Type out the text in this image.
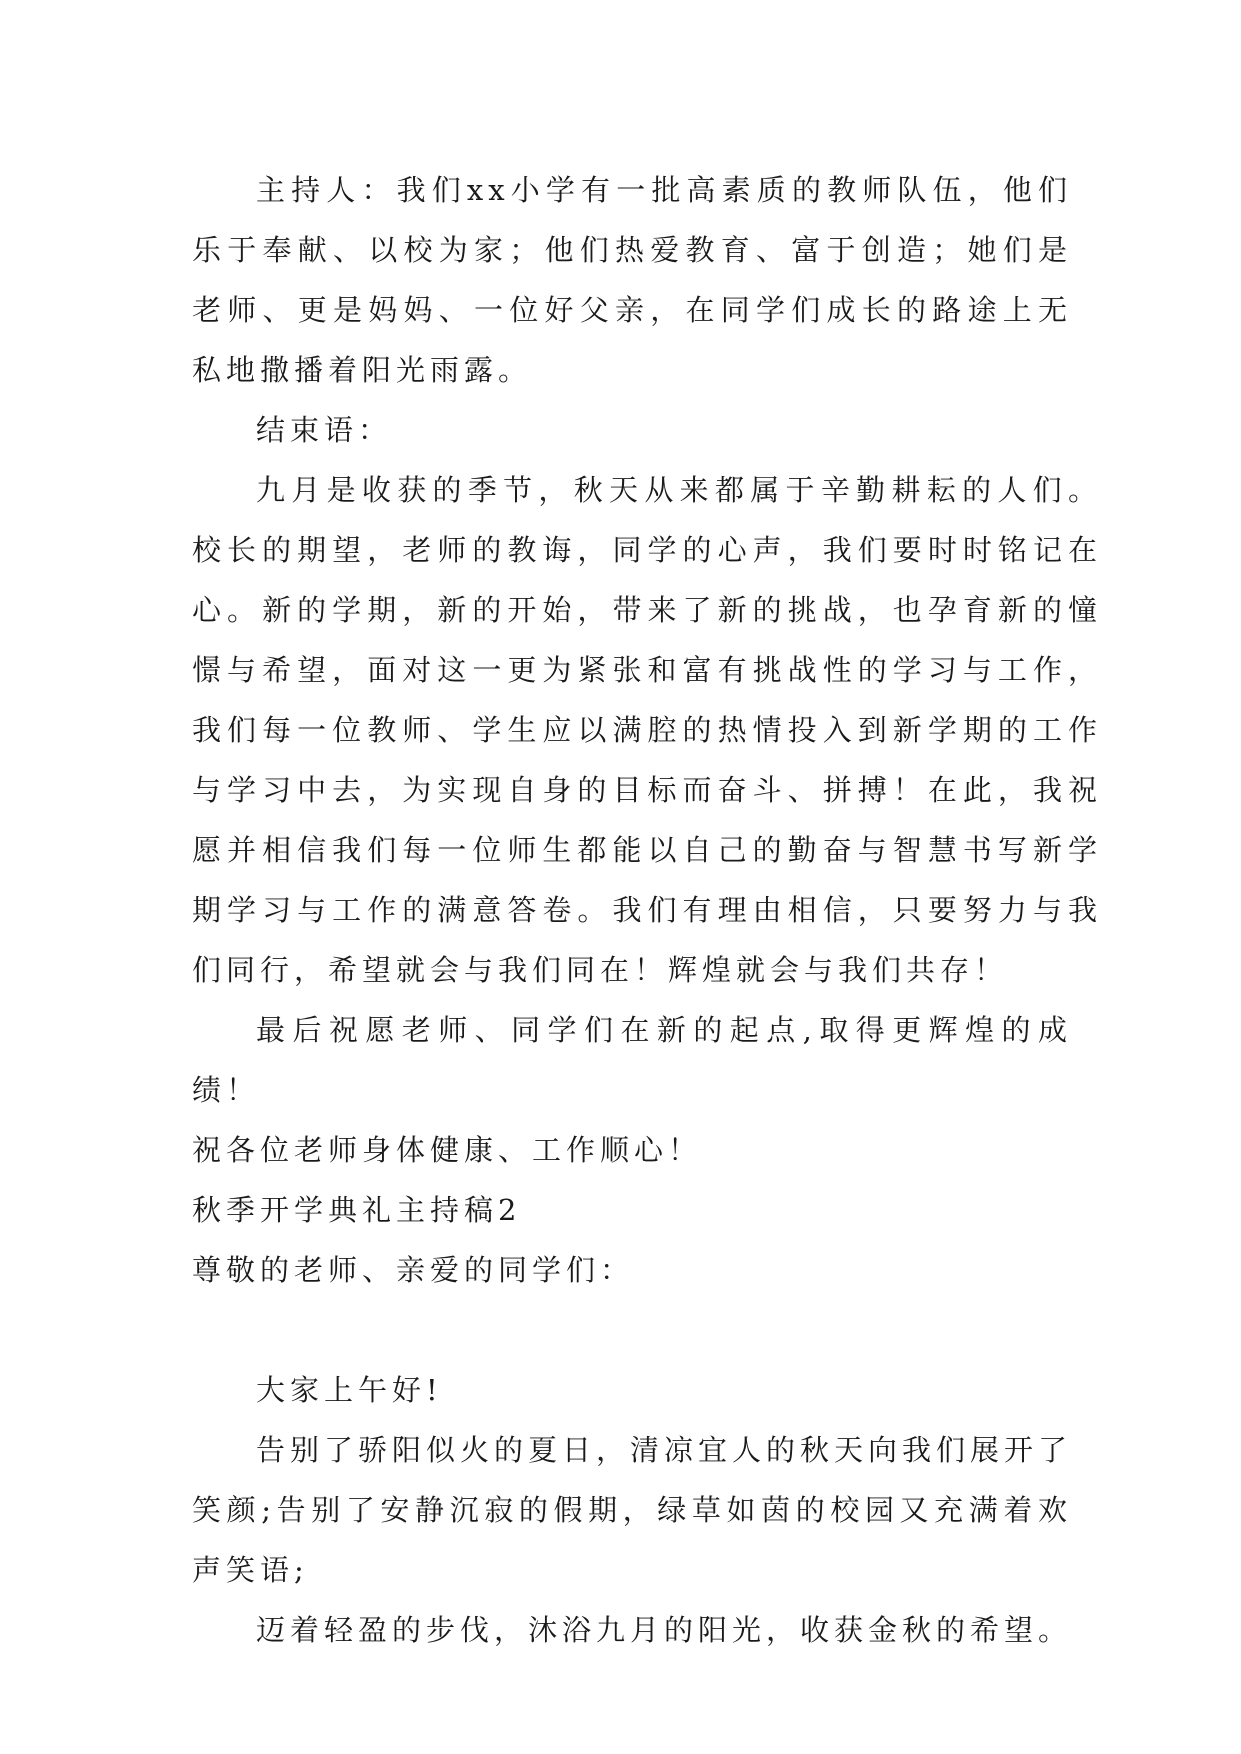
主持人：我们xx小学有一批高素质的教师队伍，他们乐于奉献、以校为家；他们热爱教育、富于创造；她们是老师、更是妈妈、一位好父亲，在同学们成长的路途上无私地撒播着阳光雨露。

结束语：

九月是收获的季节，秋天从来都属于辛勤耕耘的人们。校长的期望，老师的教诲，同学的心声，我们要时时铭记在心。新的学期，新的开始，带来了新的挑战，也孕育新的憧憬与希望，面对这一更为紧张和富有挑战性的学习与工作，我们每一位教师、学生应以满腔的热情投入到新学期的工作与学习中去，为实现自身的目标而奋斗、拼搏！在此，我祝愿并相信我们每一位师生都能以自己的勤奋与智慧书写新学期学习与工作的满意答卷。我们有理由相信，只要努力与我们同行，希望就会与我们同在！辉煌就会与我们共存！

最后祝愿老师、同学们在新的起点,取得更辉煌的成绩！

祝各位老师身体健康、工作顺心！

秋季开学典礼主持稿2

尊敬的老师、亲爱的同学们：

大家上午好!

告别了骄阳似火的夏日，清凉宜人的秋天向我们展开了笑颜;告别了安静沉寂的假期，绿草如茵的校园又充满着欢声笑语;

迈着轻盈的步伐，沐浴九月的阳光，收获金秋的希望。
